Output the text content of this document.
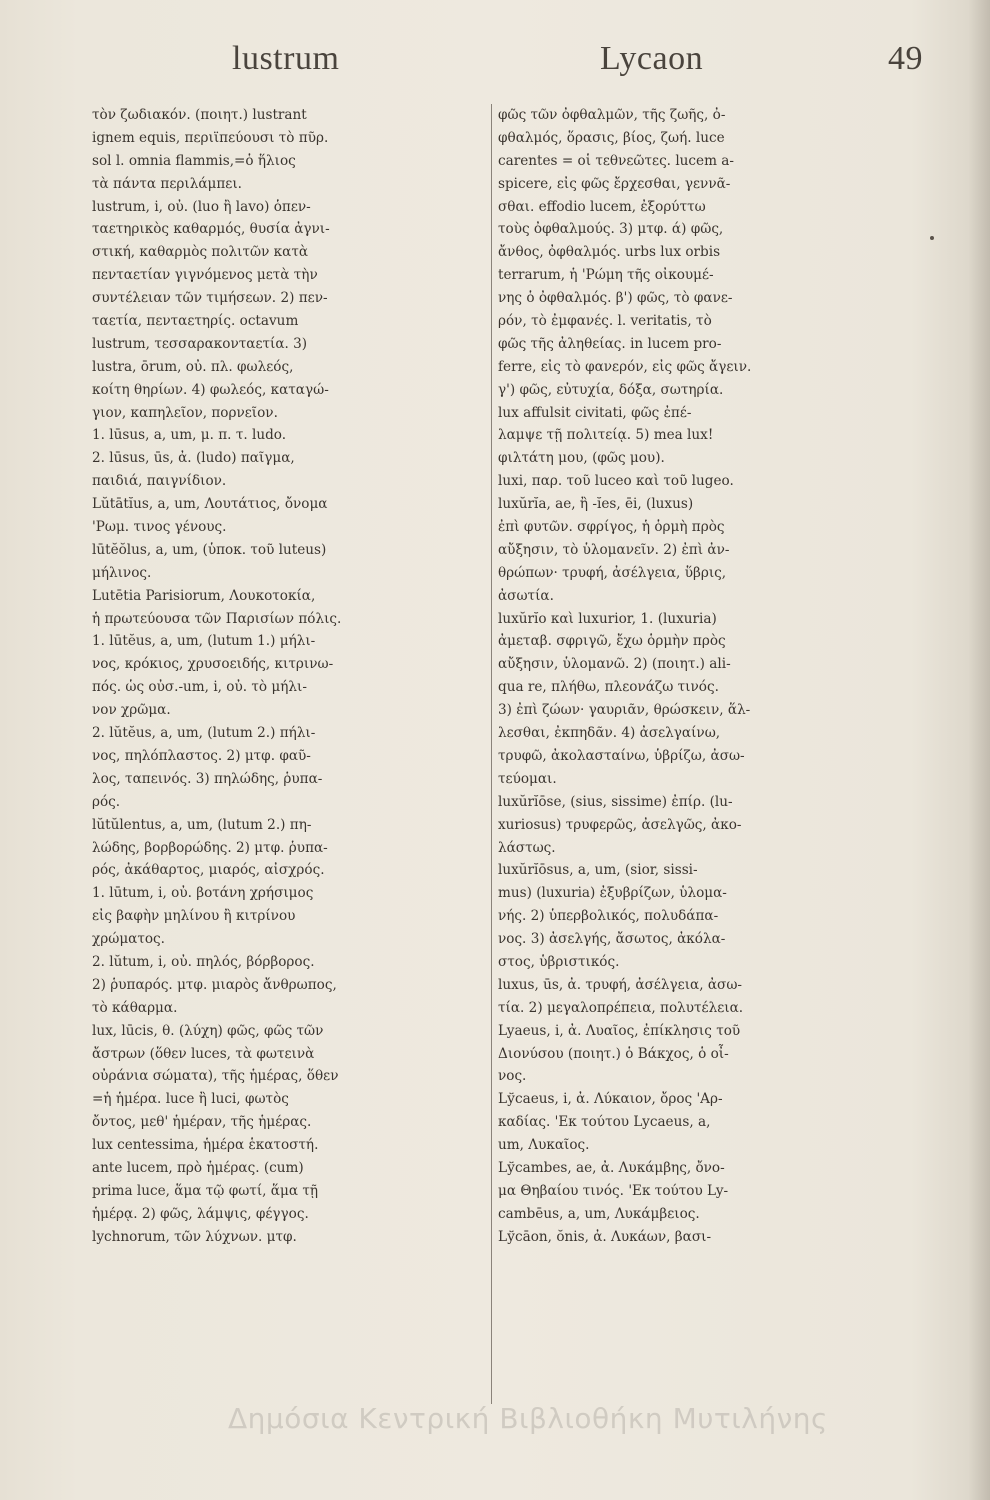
lustrum	Lycaon	49
τὸν ζωδιακόν. (ποιητ.) lustrant
ignem equis, περιϊπεύουσι τὸ πῦρ.
sol l. omnia flammis,=ὁ ἥλιος
τὰ πάντα περιλάμπει.
lustrum, i, οὐ. (luo ἢ lavo) ὁπεν-
ταετηρικὸς καθαρμός, θυσία ἀγνι-
στική, καθαρμὸς πολιτῶν κατὰ
πενταετίαν γιγνόμενος μετὰ τὴν
συντέλειαν τῶν τιμήσεων. 2) πεν-
ταετία, πενταετηρίς. octavum
lustrum, τεσσαρακονταετία. 3)
lustra, ōrum, οὐ. πλ. φωλεός,
κοίτη θηρίων. 4) φωλεός, καταγώ-
γιον, καπηλεῖον, πορνεῖον.
1. lūsus, a, um, μ. π. τ. ludo.
2. lūsus, ūs, ἀ. (ludo) παῖγμα,
παιδιά, παιγνίδιον.
Lŭtātĭus, a, um, Λουτάτιος, ὄνομα
'Ρωμ. τινος γένους.
lūtĕŏlus, a, um, (ὑποκ. τοῦ luteus)
μήλινος.
Lutētia Parisiorum, Λουκοτοκία,
ἡ πρωτεύουσα τῶν Παρισίων πόλις.
1. lūtĕus, a, um, (lutum 1.) μήλι-
νος, κρόκιος, χρυσοειδής, κιτρινω-
πός. ὡς οὐσ.-um, i, οὐ. τὸ μήλι-
νον χρῶμα.
2. lŭtĕus, a, um, (lutum 2.) πήλι-
νος, πηλόπλαστος. 2) μτφ. φαῦ-
λος, ταπεινός. 3) πηλώδης, ῥυπα-
ρός.
lŭtŭlentus, a, um, (lutum 2.) πη-
λώδης, βορβορώδης. 2) μτφ. ῥυπα-
ρός, ἀκάθαρτος, μιαρός, αἰσχρός.
1. lūtum, i, οὐ. βοτάνη χρήσιμος
εἰς βαφὴν μηλίνου ἢ κιτρίνου
χρώματος.
2. lŭtum, i, οὐ. πηλός, βόρβορος.
2) ῥυπαρός. μτφ. μιαρὸς ἄνθρωπος,
τὸ κάθαρμα.
lux, lūcis, θ. (λύχη) φῶς, φῶς τῶν
ἄστρων (ὅθεν luces, τὰ φωτεινὰ
οὐράνια σώματα), τῆς ἡμέρας, ὅθεν
=ἡ ἡμέρα. luce ἢ luci, φωτὸς
ὄντος, μεθ' ἡμέραν, τῆς ἡμέρας.
lux centessima, ἡμέρα ἑκατοστή.
ante lucem, πρὸ ἡμέρας. (cum)
prima luce, ἅμα τῷ φωτί, ἅμα τῇ
ἡμέρᾳ. 2) φῶς, λάμψις, φέγγος.
lychnorum, τῶν λύχνων. μτφ.
φῶς τῶν ὀφθαλμῶν, τῆς ζωῆς, ὀ-
φθαλμός, ὅρασις, βίος, ζωή. luce
carentes = οἱ τεθνεῶτες. lucem a-
spicere, εἰς φῶς ἔρχεσθαι, γεννᾶ-
σθαι. effodio lucem, ἐξορύττω
τοὺς ὀφθαλμούς. 3) μτφ. ά) φῶς,
ἄνθος, ὀφθαλμός. urbs lux orbis
terrarum, ἡ 'Ρώμη τῆς οἰκουμέ-
νης ὁ ὀφθαλμός. β') φῶς, τὸ φανε-
ρόν, τὸ ἐμφανές. l. veritatis, τὸ
φῶς τῆς ἀληθείας. in lucem pro-
ferre, εἰς τὸ φανερόν, εἰς φῶς ἄγειν.
γ') φῶς, εὐτυχία, δόξα, σωτηρία.
lux affulsit civitati, φῶς ἐπέ-
λαμψε τῇ πολιτείᾳ. 5) mea lux!
φιλτάτη μου, (φῶς μου).
luxi, παρ. τοῦ luceo καὶ τοῦ lugeo.
luxŭrĭa, ae, ἢ -ĭes, ēi, (luxus)
ἐπὶ φυτῶν. σφρίγος, ἡ ὁρμὴ πρὸς
αὔξησιν, τὸ ὑλομανεῖν. 2) ἐπὶ ἀν-
θρώπων· τρυφή, ἀσέλγεια, ὕβρις,
ἀσωτία.
luxŭrĭo καὶ luxurior, 1. (luxuria)
ἀμεταβ. σφριγῶ, ἔχω ὁρμὴν πρὸς
αὔξησιν, ὑλομανῶ. 2) (ποιητ.) ali-
qua re, πλήθω, πλεονάζω τινός.
3) ἐπὶ ζώων· γαυριᾶν, θρώσκειν, ἅλ-
λεσθαι, ἐκπηδᾶν. 4) ἀσελγαίνω,
τρυφῶ, ἀκολασταίνω, ὑβρίζω, ἀσω-
τεύομαι.
luxŭrĭōse, (sius, sissime) ἐπίρ. (lu-
xuriosus) τρυφερῶς, ἀσελγῶς, ἀκο-
λάστως.
luxŭrĭōsus, a, um, (sior, sissi-
mus) (luxuria) ἐξυβρίζων, ὑλομα-
νής. 2) ὑπερβολικός, πολυδάπα-
νος. 3) ἀσελγής, ἄσωτος, ἀκόλα-
στος, ὑβριστικός.
luxus, ūs, ἀ. τρυφή, ἀσέλγεια, ἀσω-
τία. 2) μεγαλοπρέπεια, πολυτέλεια.
Lyaeus, i, ἀ. Λυαῖος, ἐπίκλησις τοῦ
Διονύσου (ποιητ.) ὁ Βάκχος, ὁ οἶ-
νος.
Lўcaeus, i, ἀ. Λύκαιον, ὄρος 'Αρ-
καδίας. 'Εκ τούτου Lycaeus, a,
um, Λυκαῖος.
Lўcambes, ae, ἀ. Λυκάμβης, ὄνο-
μα Θηβαίου τινός. 'Εκ τούτου Ly-
cambēus, a, um, Λυκάμβειος.
Lўcāon, ŏnis, ἀ. Λυκάων, βασι-
Δημόσια Κεντρική Βιβλιοθήκη Μυτιλήνης
